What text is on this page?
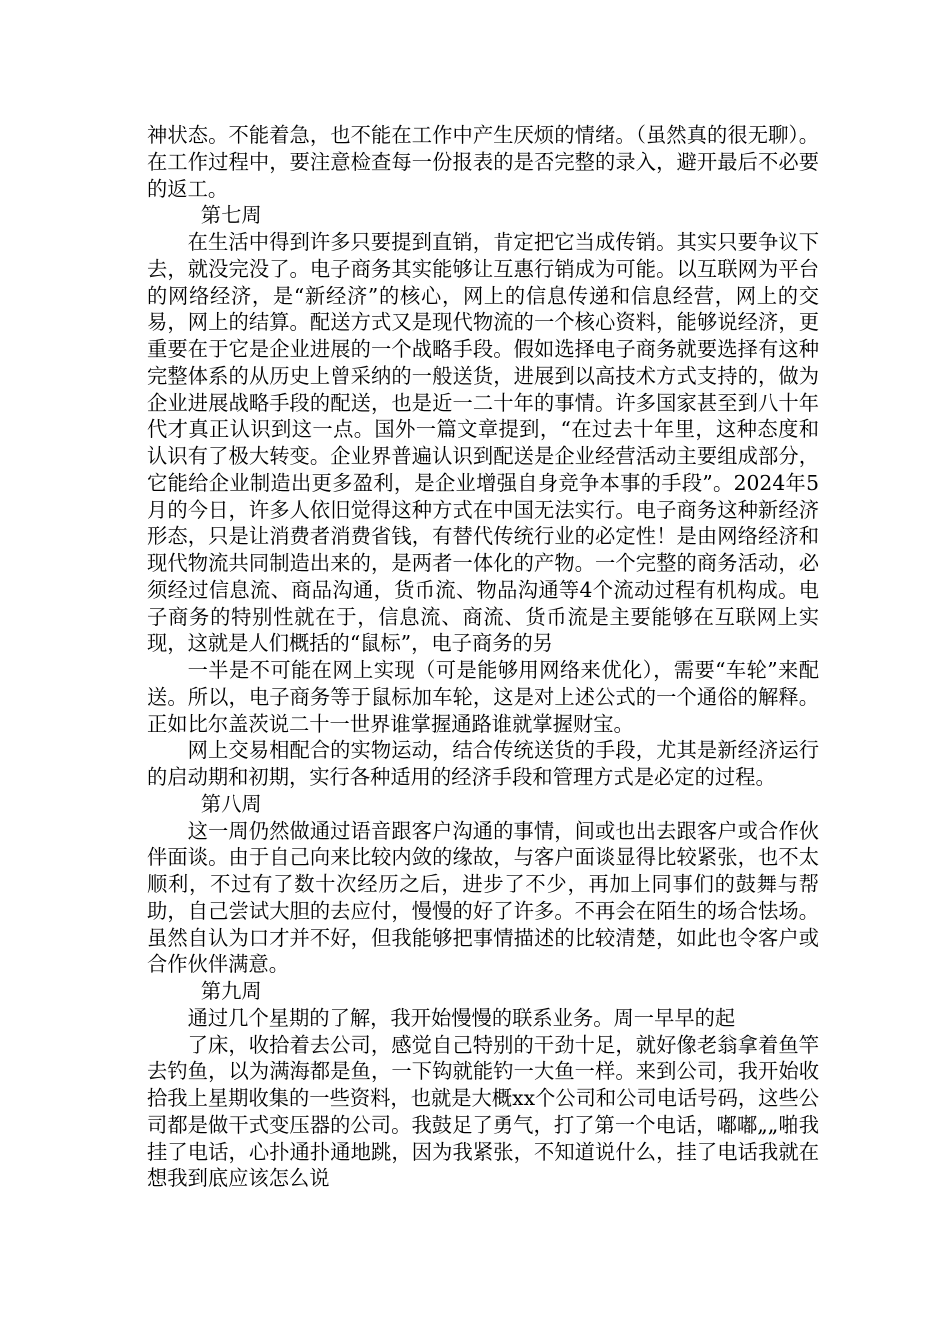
神状态。不能着急，也不能在工作中产生厌烦的情绪。（虽然真的很无聊）。在工作过程中，要注意检查每一份报表的是否完整的录入，避开最后不必要的返工。

第七周

在生活中得到许多只要提到直销，肯定把它当成传销。其实只要争议下去，就没完没了。电子商务其实能够让互惠行销成为可能。以互联网为平台的网络经济，是“新经济”的核心，网上的信息传递和信息经营，网上的交易，网上的结算。配送方式又是现代物流的一个核心资料，能够说经济，更重要在于它是企业进展的一个战略手段。假如选择电子商务就要选择有这种完整体系的从历史上曾采纳的一般送货，进展到以高技术方式支持的，做为企业进展战略手段的配送，也是近一二十年的事情。许多国家甚至到八十年代才真正认识到这一点。国外一篇文章提到，“在过去十年里，这种态度和认识有了极大转变。企业界普遍认识到配送是企业经营活动主要组成部分，它能给企业制造出更多盈利，是企业增强自身竞争本事的手段”。2024年5月的今日，许多人依旧觉得这种方式在中国无法实行。电子商务这种新经济形态，只是让消费者消费省钱，有替代传统行业的必定性！是由网络经济和现代物流共同制造出来的，是两者一体化的产物。一个完整的商务活动，必须经过信息流、商品沟通，货币流、物品沟通等4个流动过程有机构成。电子商务的特别性就在于，信息流、商流、货币流是主要能够在互联网上实现，这就是人们概括的“鼠标”，电子商务的另

一半是不可能在网上实现（可是能够用网络来优化），需要“车轮”来配送。所以，电子商务等于鼠标加车轮，这是对上述公式的一个通俗的解释。正如比尔盖茨说二十一世界谁掌握通路谁就掌握财宝。

网上交易相配合的实物运动，结合传统送货的手段，尤其是新经济运行的启动期和初期，实行各种适用的经济手段和管理方式是必定的过程。

第八周

这一周仍然做通过语音跟客户沟通的事情，间或也出去跟客户或合作伙伴面谈。由于自己向来比较内敛的缘故，与客户面谈显得比较紧张，也不太顺利，不过有了数十次经历之后，进步了不少，再加上同事们的鼓舞与帮助，自己尝试大胆的去应付，慢慢的好了许多。不再会在陌生的场合怯场。虽然自认为口才并不好，但我能够把事情描述的比较清楚，如此也令客户或合作伙伴满意。

第九周

通过几个星期的了解，我开始慢慢的联系业务。周一早早的起

了床，收拾着去公司，感觉自己特别的干劲十足，就好像老翁拿着鱼竿去钓鱼，以为满海都是鱼，一下钩就能钓一大鱼一样。来到公司，我开始收拾我上星期收集的一些资料，也就是大概xx个公司和公司电话号码，这些公司都是做干式变压器的公司。我鼓足了勇气，打了第一个电话，嘟嘟„„啪我挂了电话，心扑通扑通地跳，因为我紧张，不知道说什么，挂了电话我就在想我到底应该怎么说
